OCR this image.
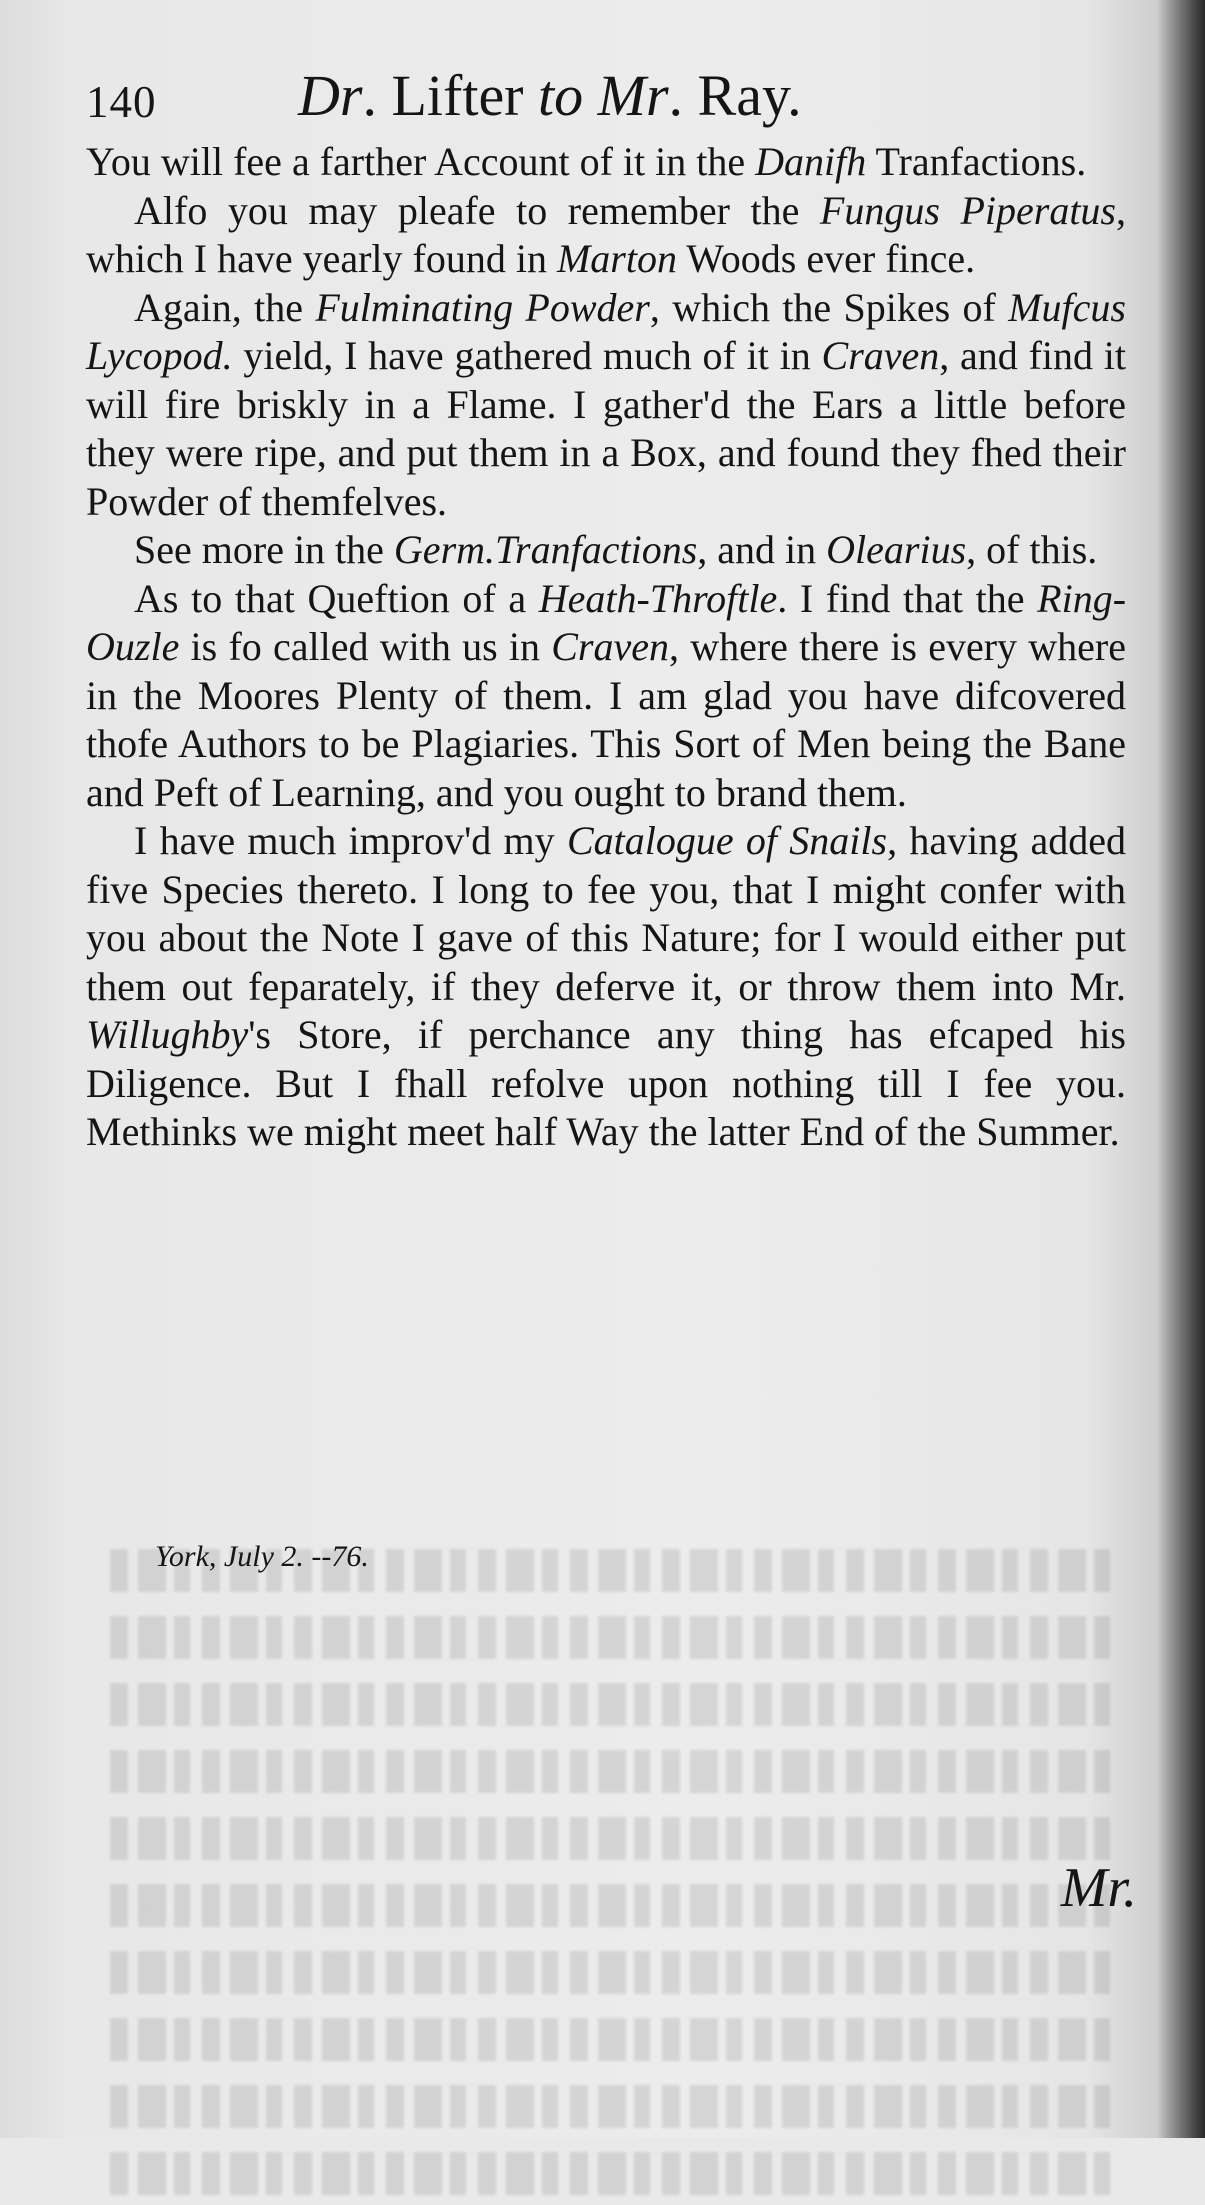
140 Dr. Lifter to Mr. Ray.

You will fee a farther Account of it in the Danifh Tranfactions.

Alfo you may pleafe to remember the Fungus Piperatus, which I have yearly found in Marton Woods ever fince.

Again, the Fulminating Powder, which the Spikes of Mufcus Lycopod. yield, I have gathered much of it in Craven, and find it will fire briskly in a Flame. I gather'd the Ears a little before they were ripe, and put them in a Box, and found they fhed their Powder of themfelves.

See more in the Germ.Tranfactions, and in Olearius, of this.

As to that Queftion of a Heath-Throftle. I find that the Ring-Ouzle is fo called with us in Craven, where there is every where in the Moores Plenty of them. I am glad you have difcovered thofe Authors to be Plagiaries. This Sort of Men being the Bane and Peft of Learning, and you ought to brand them.

I have much improv'd my Catalogue of Snails, having added five Species thereto. I long to fee you, that I might confer with you about the Note I gave of this Nature; for I would either put them out feparately, if they deferve it, or throw them into Mr. Willughby's Store, if perchance any thing has efcaped his Diligence. But I fhall refolve upon nothing till I fee you. Methinks we might meet half Way the latter End of the Summer.

York, July 2. --76.
Mr.
